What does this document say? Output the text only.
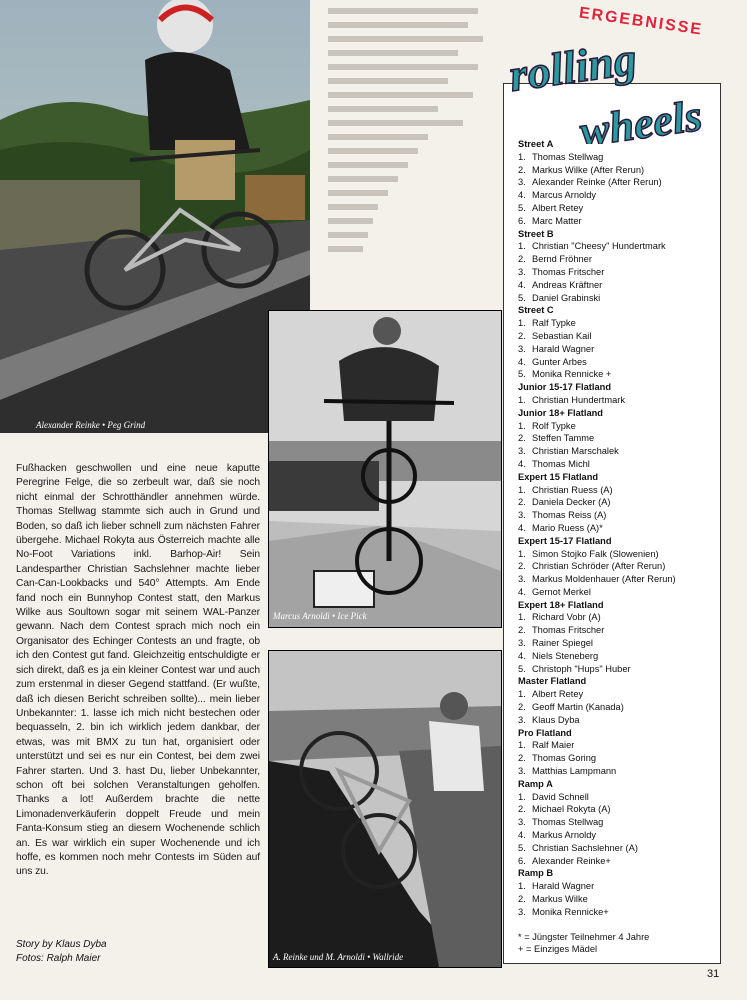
Alexander Reinke • Peg Grind
Marcus Arnoldi • Ice Pick
A. Reinke und M. Arnoldi • Wallride
Fußhacken geschwollen und eine neue kaputte Peregrine Felge, die so zerbeult war, daß sie noch nicht einmal der Schrotthändler annehmen würde. Thomas Stellwag stammte sich auch in Grund und Boden, so daß ich lieber schnell zum nächsten Fahrer übergehe. Michael Rokyta aus Österreich machte alle No-Foot Variations inkl. Barhop-Air! Sein Landesparther Christian Sachslehner machte lieber Can-Can-Lookbacks und 540° Attempts. Am Ende fand noch ein Bunnyhop Contest statt, den Markus Wilke aus Soultown sogar mit seinem WAL-Panzer gewann. Nach dem Contest sprach mich noch ein Organisator des Echinger Contests an und fragte, ob ich den Contest gut fand. Gleichzeitig entschuldigte er sich direkt, daß es ja ein kleiner Contest war und auch zum erstenmal in dieser Gegend stattfand. (Er wußte, daß ich diesen Bericht schreiben sollte)... mein lieber Unbekannter: 1. lasse ich mich nicht bestechen oder bequasseln, 2. bin ich wirklich jedem dankbar, der etwas, was mit BMX zu tun hat, organisiert oder unterstützt und sei es nur ein Contest, bei dem zwei Fahrer starten. Und 3. hast Du, lieber Unbekannter, schon oft bei solchen Veranstaltungen geholfen. Thanks a lot! Außerdem brachte die nette Limonadenverkäuferin doppelt Freude und mein Fanta-Konsum stieg an diesem Wochenende schlich an. Es war wirklich ein super Wochenende und ich hoffe, es kommen noch mehr Contests im Süden auf uns zu.
Story by Klaus Dyba
Fotos: Ralph Maier
Street A
1. Thomas Stellwag
2. Markus Wilke (After Rerun)
3. Alexander Reinke (After Rerun)
4. Marcus Arnoldy
5. Albert Retey
6. Marc Matter
Street B
1. Christian "Cheesy" Hundertmark
2. Bernd Fröhner
3. Thomas Fritscher
4. Andreas Kräftner
5. Daniel Grabinski
Street C
1. Ralf Typke
2. Sebastian Kail
3. Harald Wagner
4. Gunter Arbes
5. Monika Rennicke +
Junior 15-17 Flatland
1. Christian Hundertmark
Junior 18+ Flatland
1. Rolf Typke
2. Steffen Tamme
3. Christian Marschalek
4. Thomas Michl
Expert 15 Flatland
1. Christian Ruess (A)
2. Daniela Decker (A)
3. Thomas Reiss (A)
4. Mario Ruess (A)*
Expert 15-17 Flatland
1. Simon Stojko Falk (Slowenien)
2. Christian Schröder (After Rerun)
3. Markus Moldenhauer (After Rerun)
4. Gernot Merkel
Expert 18+ Flatland
1. Richard Vobr (A)
2. Thomas Fritscher
3. Rainer Spiegel
4. Niels Steneberg
5. Christoph "Hups" Huber
Master Flatland
1. Albert Retey
2. Geoff Martin (Kanada)
3. Klaus Dyba
Pro Flatland
1. Ralf Maier
2. Thomas Goring
3. Matthias Lampmann
Ramp A
1. David Schnell
2. Michael Rokyta (A)
3. Thomas Stellwag
4. Markus Arnoldy
5. Christian Sachslehner (A)
6. Alexander Reinke+
Ramp B
1. Harald Wagner
2. Markus Wilke
3. Monika Rennicke+
* = Jüngster Teilnehmer 4 Jahre
+ = Einziges Mädel
ERGEBNISSE
rolling
wheels
31
